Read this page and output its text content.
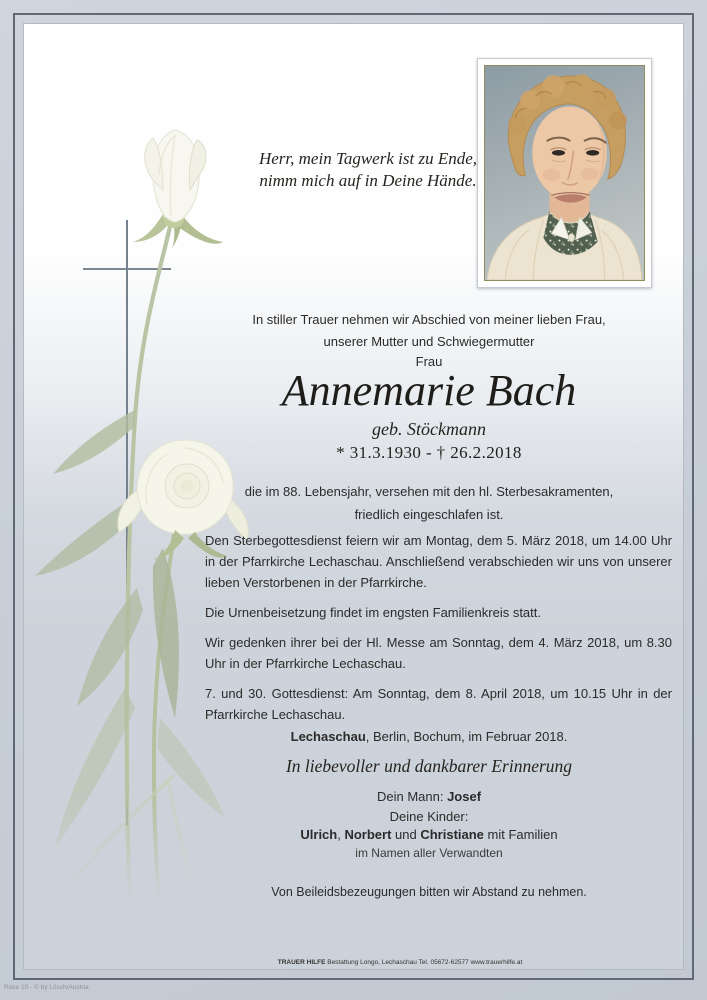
Herr, mein Tagwerk ist zu Ende,
nimm mich auf in Deine Hände.
In stiller Trauer nehmen wir Abschied von meiner lieben Frau,
unserer Mutter und Schwiegermutter
Frau
Annemarie Bach
geb. Stöckmann
* 31.3.1930 - † 26.2.2018
die im 88. Lebensjahr, versehen mit den hl. Sterbesakramenten,
friedlich eingeschlafen ist.

Den Sterbegottesdienst feiern wir am Montag, dem 5. März 2018, um 14.00 Uhr in der Pfarrkirche Lechaschau. Anschließend verabschieden wir uns von unserer lieben Verstorbenen in der Pfarrkirche.

Die Urnenbeisetzung findet im engsten Familienkreis statt.

Wir gedenken ihrer bei der Hl. Messe am Sonntag, dem 4. März 2018, um 8.30 Uhr in der Pfarrkirche Lechaschau.

7. und 30. Gottesdienst: Am Sonntag, dem 8. April 2018, um 10.15 Uhr in der Pfarrkirche Lechaschau.

Lechaschau, Berlin, Bochum, im Februar 2018.
In liebevoller und dankbarer Erinnerung
Dein Mann: Josef
Deine Kinder:
Ulrich, Norbert und Christiane mit Familien
im Namen aller Verwandten
Von Beileidsbezeugungen bitten wir Abstand zu nehmen.
TRAUER HILFE Bestattung Longo, Lechaschau Tel. 05672-62577 www.trauerhilfe.at
Rose 10 - © by Lösch/Austria
